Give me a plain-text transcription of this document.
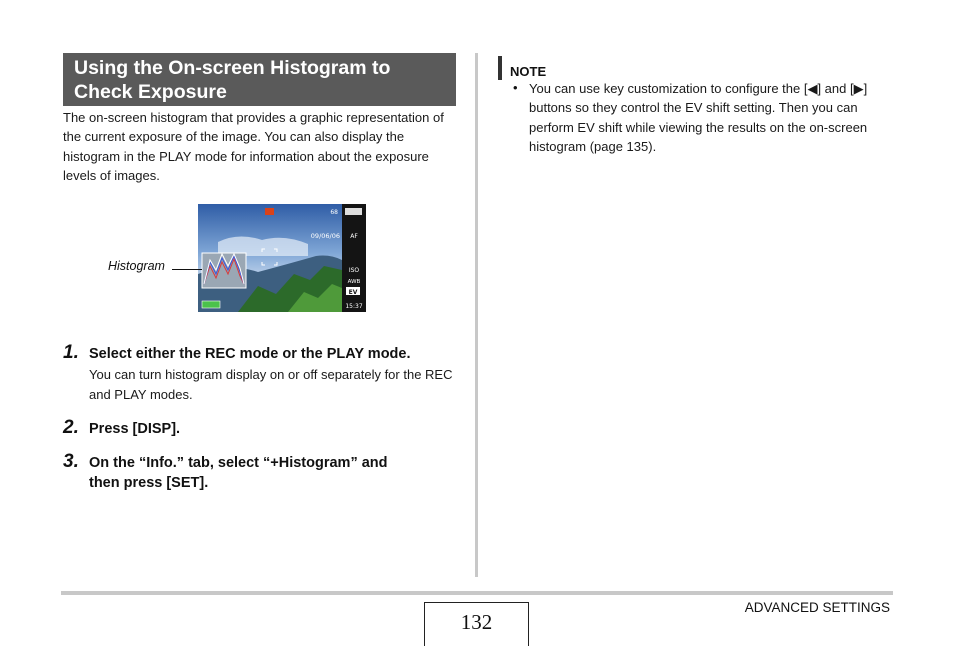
Using the On-screen Histogram to
Check Exposure
The on-screen histogram that provides a graphic representation of the current exposure of the image. You can also display the histogram in the PLAY mode for information about the exposure levels of images.
68
09/06/06 AF
ISO
AWB
EV
15:37
Histogram
1. Select either the REC mode or the PLAY mode.
You can turn histogram display on or off separately for the REC and PLAY modes.
2. Press [DISP].
3. On the “Info.” tab, select “+Histogram” and
then press [SET].
NOTE
• You can use key customization to configure the [◀] and [▶] buttons so they control the EV shift setting. Then you can perform EV shift while viewing the results on the on-screen histogram (page 135).
132
ADVANCED SETTINGS
